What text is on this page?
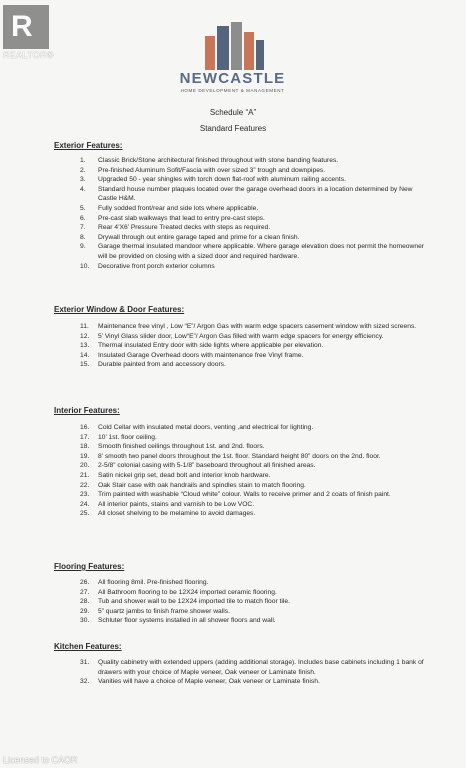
R
REALTOR®
NEWCASTLE
HOME DEVELOPMENT & MANAGEMENT
Schedule “A”
Standard Features
Exterior Features:
1. Classic Brick/Stone architectural finished throughout with stone banding features.
2. Pre-finished Aluminum Sofit/Fascia with over sized 3” trough and downpipes.
3. Upgraded 50 - year shingles with torch down flat-roof with aluminum railing accents.
4. Standard house number plaques located over the garage overhead doors in a location determined by New Castle H&M.
5. Fully sodded front/rear and side lots where applicable.
6. Pre-cast slab walkways that lead to entry pre-cast steps.
7. Rear 4’X6’ Pressure Treated decks with steps as required.
8. Drywall through out entire garage taped and prime for a clean finish.
9. Garage thermal insulated mandoor where applicable. Where garage elevation does not permit the homeowner will be provided on closing with a sized door and required hardware.
10. Decorative front porch exterior columns
Exterior Window & Door Features:
11. Maintenance free vinyl , Low “E”/ Argon Gas with warm edge spacers casement window with sized screens.
12. 5’ Vinyl Glass slider door, Low“E”/ Argon Gas filled with warm edge spacers for energy efficiency.
13. Thermal insulated Entry door with side lights where applicable per elevation.
14. Insulated Garage Overhead doors with maintenance free Vinyl frame.
15. Durable painted from and accessory doors.
Interior Features:
16. Cold Cellar with insulated metal doors, venting ,and electrical for lighting.
17. 10’ 1st. floor ceiling.
18. Smooth finished ceilings throughout 1st. and 2nd. floors.
19. 8’ smooth two panel doors throughout the 1st. floor. Standard height 80” doors on the 2nd. floor.
20. 2-5/8” colonial casing with 5-1/8” baseboard throughout all finished areas.
21. Satin nickel grip set, dead bolt and interior knob hardware.
22. Oak Stair case with oak handrails and spindles stain to match flooring.
23. Trim painted with washable “Cloud white” colour. Walls to receive primer and 2 coats of finish paint.
24. All interior paints, stains and varnish to be Low VOC.
25. All closet shelving to be melamine to avoid damages.
Flooring Features:
26. All flooring 8mil. Pre-finished flooring.
27. All Bathroom flooring to be 12X24 imported ceramic flooring.
28. Tub and shower wall to be 12X24 imported tile to match floor tile.
29. 5” quartz jambs to finish frame shower walls.
30. Schluter floor systems installed in all shower floors and wall.
Kitchen Features:
31. Quality cabinetry with extended uppers (adding additional storage). Includes base cabinets including 1 bank of drawers with your choice of Maple veneer, Oak veneer or Laminate finish.
32. Vanities will have a choice of Maple veneer, Oak veneer or Laminate finish.
Licensed to CAOR
